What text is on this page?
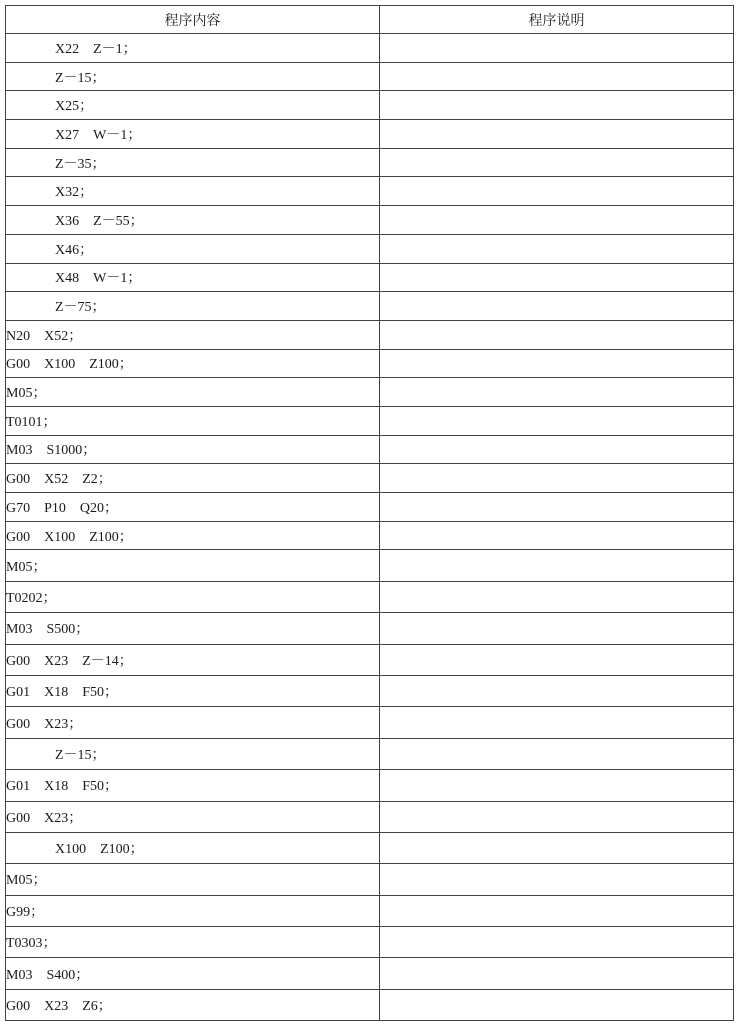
程序内容	程序说明
X22　Z－1；	
Z－15；	
X25；	
X27　W－1；	
Z－35；	
X32；	
X36　Z－55；	
X46；	
X48　W－1；	
Z－75；	
N20　X52；	
G00　X100　Z100；	
M05；	
T0101；	
M03　S1000；	
G00　X52　Z2；	
G70　P10　Q20；	
G00　X100　Z100；	
M05；	
T0202；	
M03　S500；	
G00　X23　Z－14；	
G01　X18　F50；	
G00　X23；	
Z－15；	
G01　X18　F50；	
G00　X23；	
X100　Z100；	
M05；	
G99；	
T0303；	
M03　S400；	
G00　X23　Z6；	
